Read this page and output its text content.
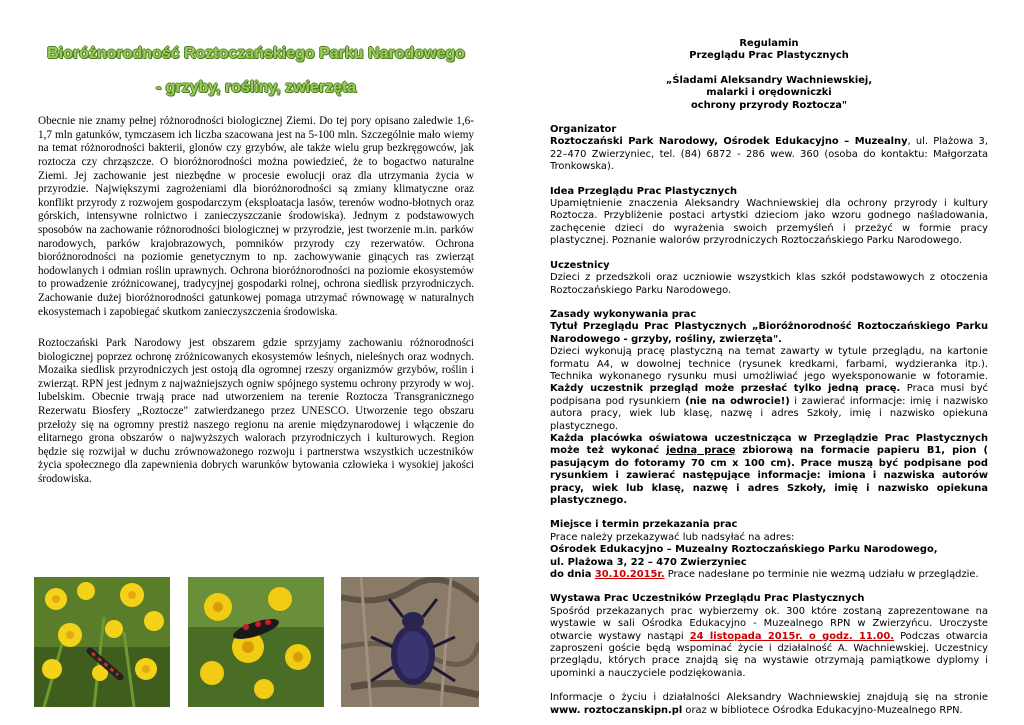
Bioróżnorodność Roztoczańskiego Parku Narodowego

- grzyby, rośliny, zwierzęta

Obecnie nie znamy pełnej różnorodności biologicznej Ziemi. Do tej pory opisano zaledwie 1,6-1,7 mln gatunków, tymczasem ich liczba szacowana jest na 5-100 mln. Szczególnie mało wiemy na temat różnorodności bakterii, glonów czy grzybów, ale także wielu grup bezkręgowców, jak roztocza czy chrząszcze. O bioróżnorodności można powiedzieć, że to bogactwo naturalne Ziemi. Jej zachowanie jest niezbędne w procesie ewolucji oraz dla utrzymania życia w przyrodzie. Największymi zagrożeniami dla bioróżnorodności są zmiany klimatyczne oraz konflikt przyrody z rozwojem gospodarczym (eksploatacja lasów, terenów wodno-błotnych oraz górskich, intensywne rolnictwo i zanieczyszczanie środowiska). Jednym z podstawowych sposobów na zachowanie różnorodności biologicznej w przyrodzie, jest tworzenie m.in. parków narodowych, parków krajobrazowych, pomników przyrody czy rezerwatów. Ochrona bioróżnorodności na poziomie genetycznym to np. zachowywanie ginących ras zwierząt hodowlanych i odmian roślin uprawnych. Ochrona bioróżnorodności na poziomie ekosystemów to prowadzenie zróżnicowanej, tradycyjnej gospodarki rolnej, ochrona siedlisk przyrodniczych. Zachowanie dużej bioróżnorodności gatunkowej pomaga utrzymać równowagę w naturalnych ekosystemach i zapobiegać skutkom zanieczyszczenia środowiska.

Roztoczański Park Narodowy jest obszarem gdzie sprzyjamy zachowaniu różnorodności biologicznej poprzez ochronę zróżnicowanych ekosystemów leśnych, nieleśnych oraz wodnych. Mozaika siedlisk przyrodniczych jest ostoją dla ogromnej rzeszy organizmów grzybów, roślin i zwierząt. RPN jest jednym z najważniejszych ogniw spójnego systemu ochrony przyrody w woj. lubelskim. Obecnie trwają prace nad utworzeniem na terenie Roztocza Transgranicznego Rezerwatu Biosfery „Roztocze" zatwierdzanego przez UNESCO. Utworzenie tego obszaru przełoży się na ogromny prestiż naszego regionu na arenie międzynarodowej i włączenie do elitarnego grona obszarów o najwyższych walorach przyrodniczych i kulturowych. Region będzie się rozwijał w duchu zrównoważonego rozwoju i partnerstwa wszystkich uczestników życia społecznego dla zapewnienia dobrych warunków bytowania człowieka i wysokiej jakości środowiska.

Regulamin

Przeglądu Prac Plastycznych

„Śladami Aleksandry Wachniewskiej,

malarki i orędowniczki

ochrony przyrody Roztocza"

Organizator

Roztoczański Park Narodowy, Ośrodek Edukacyjno – Muzealny, ul. Plażowa 3, 22–470 Zwierzyniec, tel. (84) 6872 - 286 wew. 360 (osoba do kontaktu: Małgorzata Tronkowska).

Idea Przeglądu Prac Plastycznych

Upamiętnienie znaczenia Aleksandry Wachniewskiej dla ochrony przyrody i kultury Roztocza. Przybliżenie postaci artystki dzieciom jako wzoru godnego naśladowania, zachęcenie dzieci do wyrażenia swoich przemyśleń i przeżyć w formie pracy plastycznej. Poznanie walorów przyrodniczych Roztoczańskiego Parku Narodowego.

Uczestnicy

Dzieci z przedszkoli oraz uczniowie wszystkich klas szkół podstawowych z otoczenia Roztoczańskiego Parku Narodowego.

Zasady wykonywania prac

Tytuł Przeglądu Prac Plastycznych „Bioróżnorodność Roztoczańskiego Parku Narodowego - grzyby, rośliny, zwierzęta".

Dzieci wykonują pracę plastyczną na temat zawarty w tytule przeglądu, na kartonie formatu A4, w dowolnej technice (rysunek kredkami, farbami, wydzieranka itp.). Technika wykonanego rysunku musi umożliwiać jego wyeksponowanie w fotoramie. Każdy uczestnik przegląd może przesłać tylko jedną pracę. Praca musi być podpisana pod rysunkiem (nie na odwrocie!) i zawierać informacje: imię i nazwisko autora pracy, wiek lub klasę, nazwę i adres Szkoły, imię i nazwisko opiekuna plastycznego.

Każda placówka oświatowa uczestnicząca w Przeglądzie Prac Plastycznych może też wykonać jedną pracę zbiorową na formacie papieru B1, pion ( pasującym do fotoramy 70 cm x 100 cm). Prace muszą być podpisane pod rysunkiem i zawierać następujące informacje: imiona i nazwiska autorów pracy, wiek lub klasę, nazwę i adres Szkoły, imię i nazwisko opiekuna plastycznego.

Miejsce i termin przekazania prac

Prace należy przekazywać lub nadsyłać na adres:

Ośrodek Edukacyjno – Muzealny Roztoczańskiego Parku Narodowego,

ul. Plażowa 3, 22 – 470 Zwierzyniec

do dnia 30.10.2015r. Prace nadesłane po terminie nie wezmą udziału w przeglądzie.

Wystawa Prac Uczestników Przeglądu Prac Plastycznych

Spośród przekazanych prac wybierzemy ok. 300 które zostaną zaprezentowane na wystawie w sali Ośrodka Edukacyjno - Muzealnego RPN w Zwierzyńcu. Uroczyste otwarcie wystawy nastąpi 24 listopada 2015r. o godz. 11.00. Podczas otwarcia zaproszeni goście będą wspominać życie i działalność A. Wachniewskiej. Uczestnicy przeglądu, których prace znajdą się na wystawie otrzymają pamiątkowe dyplomy i upominki a nauczyciele podziękowania.

Informacje o życiu i działalności Aleksandry Wachniewskiej znajdują się na stronie www. roztoczanskipn.pl oraz w bibliotece Ośrodka Edukacyjno-Muzealnego RPN.
